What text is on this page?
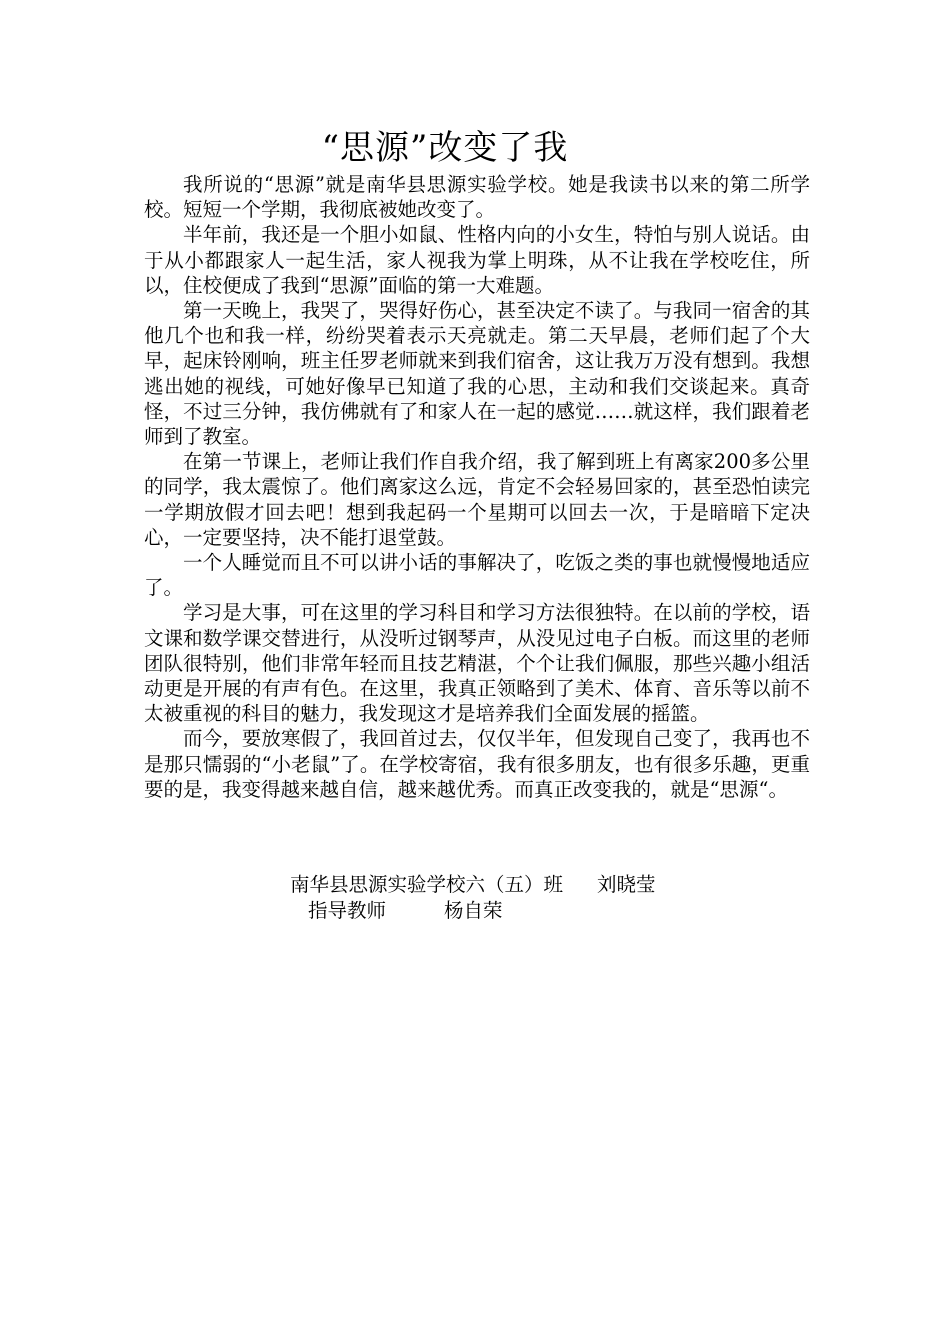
“思源”改变了我

我所说的“思源”就是南华县思源实验学校。她是我读书以来的第二所学校。短短一个学期，我彻底被她改变了。

半年前，我还是一个胆小如鼠、性格内向的小女生，特怕与别人说话。由于从小都跟家人一起生活，家人视我为掌上明珠，从不让我在学校吃住，所以，住校便成了我到“思源”面临的第一大难题。

第一天晚上，我哭了，哭得好伤心，甚至决定不读了。与我同一宿舍的其他几个也和我一样，纷纷哭着表示天亮就走。第二天早晨，老师们起了个大早，起床铃刚响，班主任罗老师就来到我们宿舍，这让我万万没有想到。我想逃出她的视线，可她好像早已知道了我的心思，主动和我们交谈起来。真奇怪，不过三分钟，我仿佛就有了和家人在一起的感觉……就这样，我们跟着老师到了教室。

在第一节课上，老师让我们作自我介绍，我了解到班上有离家200多公里的同学，我太震惊了。他们离家这么远，肯定不会轻易回家的，甚至恐怕读完一学期放假才回去吧！想到我起码一个星期可以回去一次，于是暗暗下定决心，一定要坚持，决不能打退堂鼓。

一个人睡觉而且不可以讲小话的事解决了，吃饭之类的事也就慢慢地适应了。

学习是大事，可在这里的学习科目和学习方法很独特。在以前的学校，语文课和数学课交替进行，从没听过钢琴声，从没见过电子白板。而这里的老师团队很特别，他们非常年轻而且技艺精湛，个个让我们佩服，那些兴趣小组活动更是开展的有声有色。在这里，我真正领略到了美术、体育、音乐等以前不太被重视的科目的魅力，我发现这才是培养我们全面发展的摇篮。

而今，要放寒假了，我回首过去，仅仅半年，但发现自己变了，我再也不是那只懦弱的“小老鼠”了。在学校寄宿，我有很多朋友，也有很多乐趣，更重要的是，我变得越来越自信，越来越优秀。而真正改变我的，就是“思源“。

南华县思源实验学校六（五）班 刘晓莹
指导教师	杨自荣
